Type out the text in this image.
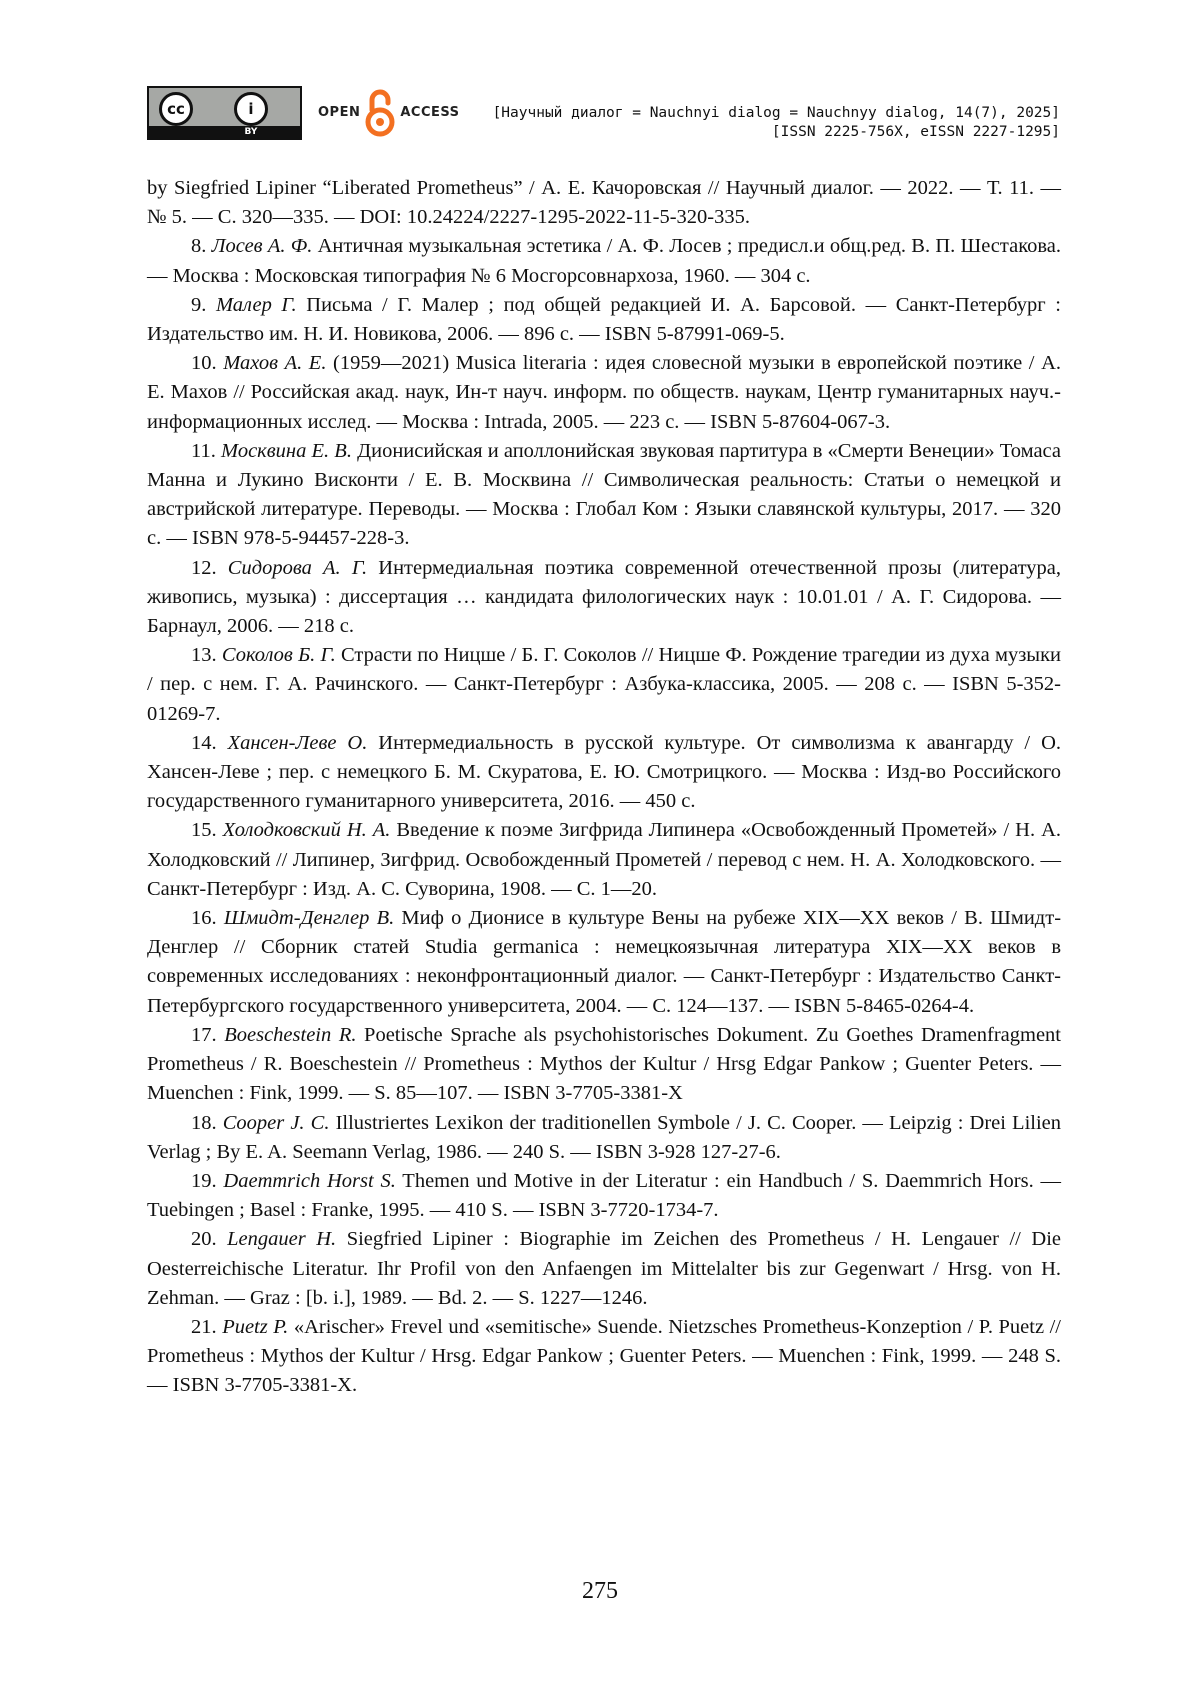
cc	i
BY
OPEN	ACCESS [Научный диалог = Nauchnyi dialog = Nauchnyy dialog, 14(7), 2025]
[ISSN 2225-756X, eISSN 2227-1295]

by Siegfried Lipiner “Liberated Prometheus” / А. Е. Качоровская // Научный диалог. — 2022. — Т. 11. — № 5. — С. 320—335. — DOI: 10.24224/2227-1295-2022-11-5-320-335.

8. Лосев А. Ф. Античная музыкальная эстетика / А. Ф. Лосев ; предисл.и общ.ред. В. П. Шестакова. — Москва : Московская типография № 6 Мосгорсовнархоза, 1960. — 304 с.

9. Малер Г. Письма / Г. Малер ; под общей редакцией И. А. Барсовой. — Санкт-Петербург : Издательство им. Н. И. Новикова, 2006. — 896 с. — ISBN 5-87991-069-5.

10. Махов А. Е. (1959—2021) Musica literaria : идея словесной музыки в европейской поэтике / А. Е. Махов // Российская акад. наук, Ин-т науч. информ. по обществ. наукам, Центр гуманитарных науч.-информационных исслед. — Москва : Intrada, 2005. — 223 с. — ISBN 5-87604-067-3.

11. Москвина Е. В. Дионисийская и аполлонийская звуковая партитура в «Смерти Венеции» Томаса Манна и Лукино Висконти / Е. В. Москвина // Символическая реальность: Статьи о немецкой и австрийской литературе. Переводы. — Москва : Глобал Ком : Языки славянской культуры, 2017. — 320 с. — ISBN 978-5-94457-228-3.

12. Сидорова А. Г. Интермедиальная поэтика современной отечественной прозы (литература, живопись, музыка) : диссертация … кандидата филологических наук : 10.01.01 / А. Г. Сидорова. — Барнаул, 2006. — 218 с.

13. Соколов Б. Г. Страсти по Ницше / Б. Г. Соколов // Ницше Ф. Рождение трагедии из духа музыки / пер. с нем. Г. А. Рачинского. — Санкт-Петербург : Азбука-классика, 2005. — 208 с. — ISBN 5-352-01269-7.

14. Хансен-Леве О. Интермедиальность в русской культуре. От символизма к авангарду / О. Хансен-Леве ; пер. с немецкого Б. М. Скуратова, Е. Ю. Смотрицкого. — Москва : Изд-во Российского государственного гуманитарного университета, 2016. — 450 с.

15. Холодковский Н. А. Введение к поэме Зигфрида Липинера «Освобожденный Прометей» / Н. А. Холодковский // Липинер, Зигфрид. Освобожденный Прометей / перевод с нем. Н. А. Холодковского. — Санкт-Петербург : Изд. А. С. Суворина, 1908. — С. 1—20.

16. Шмидт-Денглер В. Миф о Дионисе в культуре Вены на рубеже XIX—XX веков / В. Шмидт-Денглер // Сборник статей Studia germanica : немецкоязычная литература XIX—XX веков в современных исследованиях : неконфронтационный диалог. — Санкт-Петербург : Издательство Санкт-Петербургского государственного университета, 2004. — С. 124—137. — ISBN 5-8465-0264-4.

17. Boeschestein R. Poetische Sprache als psychohistorisches Dokument. Zu Goethes Dramenfragment Prometheus / R. Boeschestein // Prometheus : Mythos der Kultur / Hrsg Edgar Pankow ; Guenter Peters. — Muenchen : Fink, 1999. — S. 85—107. — ISBN 3-7705-3381-X

18. Cooper J. C. Illustriertes Lexikon der traditionellen Symbole / J. C. Cooper. — Leipzig : Drei Lilien Verlag ; By E. A. Seemann Verlag, 1986. — 240 S. — ISBN 3-928 127-27-6.

19. Daemmrich Horst S. Themen und Motive in der Literatur : ein Handbuch / S. Daemmrich Hors. — Tuebingen ; Basel : Franke, 1995. — 410 S. — ISBN 3-7720-1734-7.

20. Lengauer H. Siegfried Lipiner : Biographie im Zeichen des Prometheus / H. Lengauer // Die Oesterreichische Literatur. Ihr Profil von den Anfaengen im Mittelalter bis zur Gegenwart / Hrsg. von H. Zehman. — Graz : [b. i.], 1989. — Bd. 2. — S. 1227—1246.

21. Puetz P. «Arischer» Frevel und «semitische» Suende. Nietzsches Prometheus-Konzeption / P. Puetz // Prometheus : Mythos der Kultur / Hrsg. Edgar Pankow ; Guenter Peters. — Muenchen : Fink, 1999. — 248 S. — ISBN 3-7705-3381-X.

275
